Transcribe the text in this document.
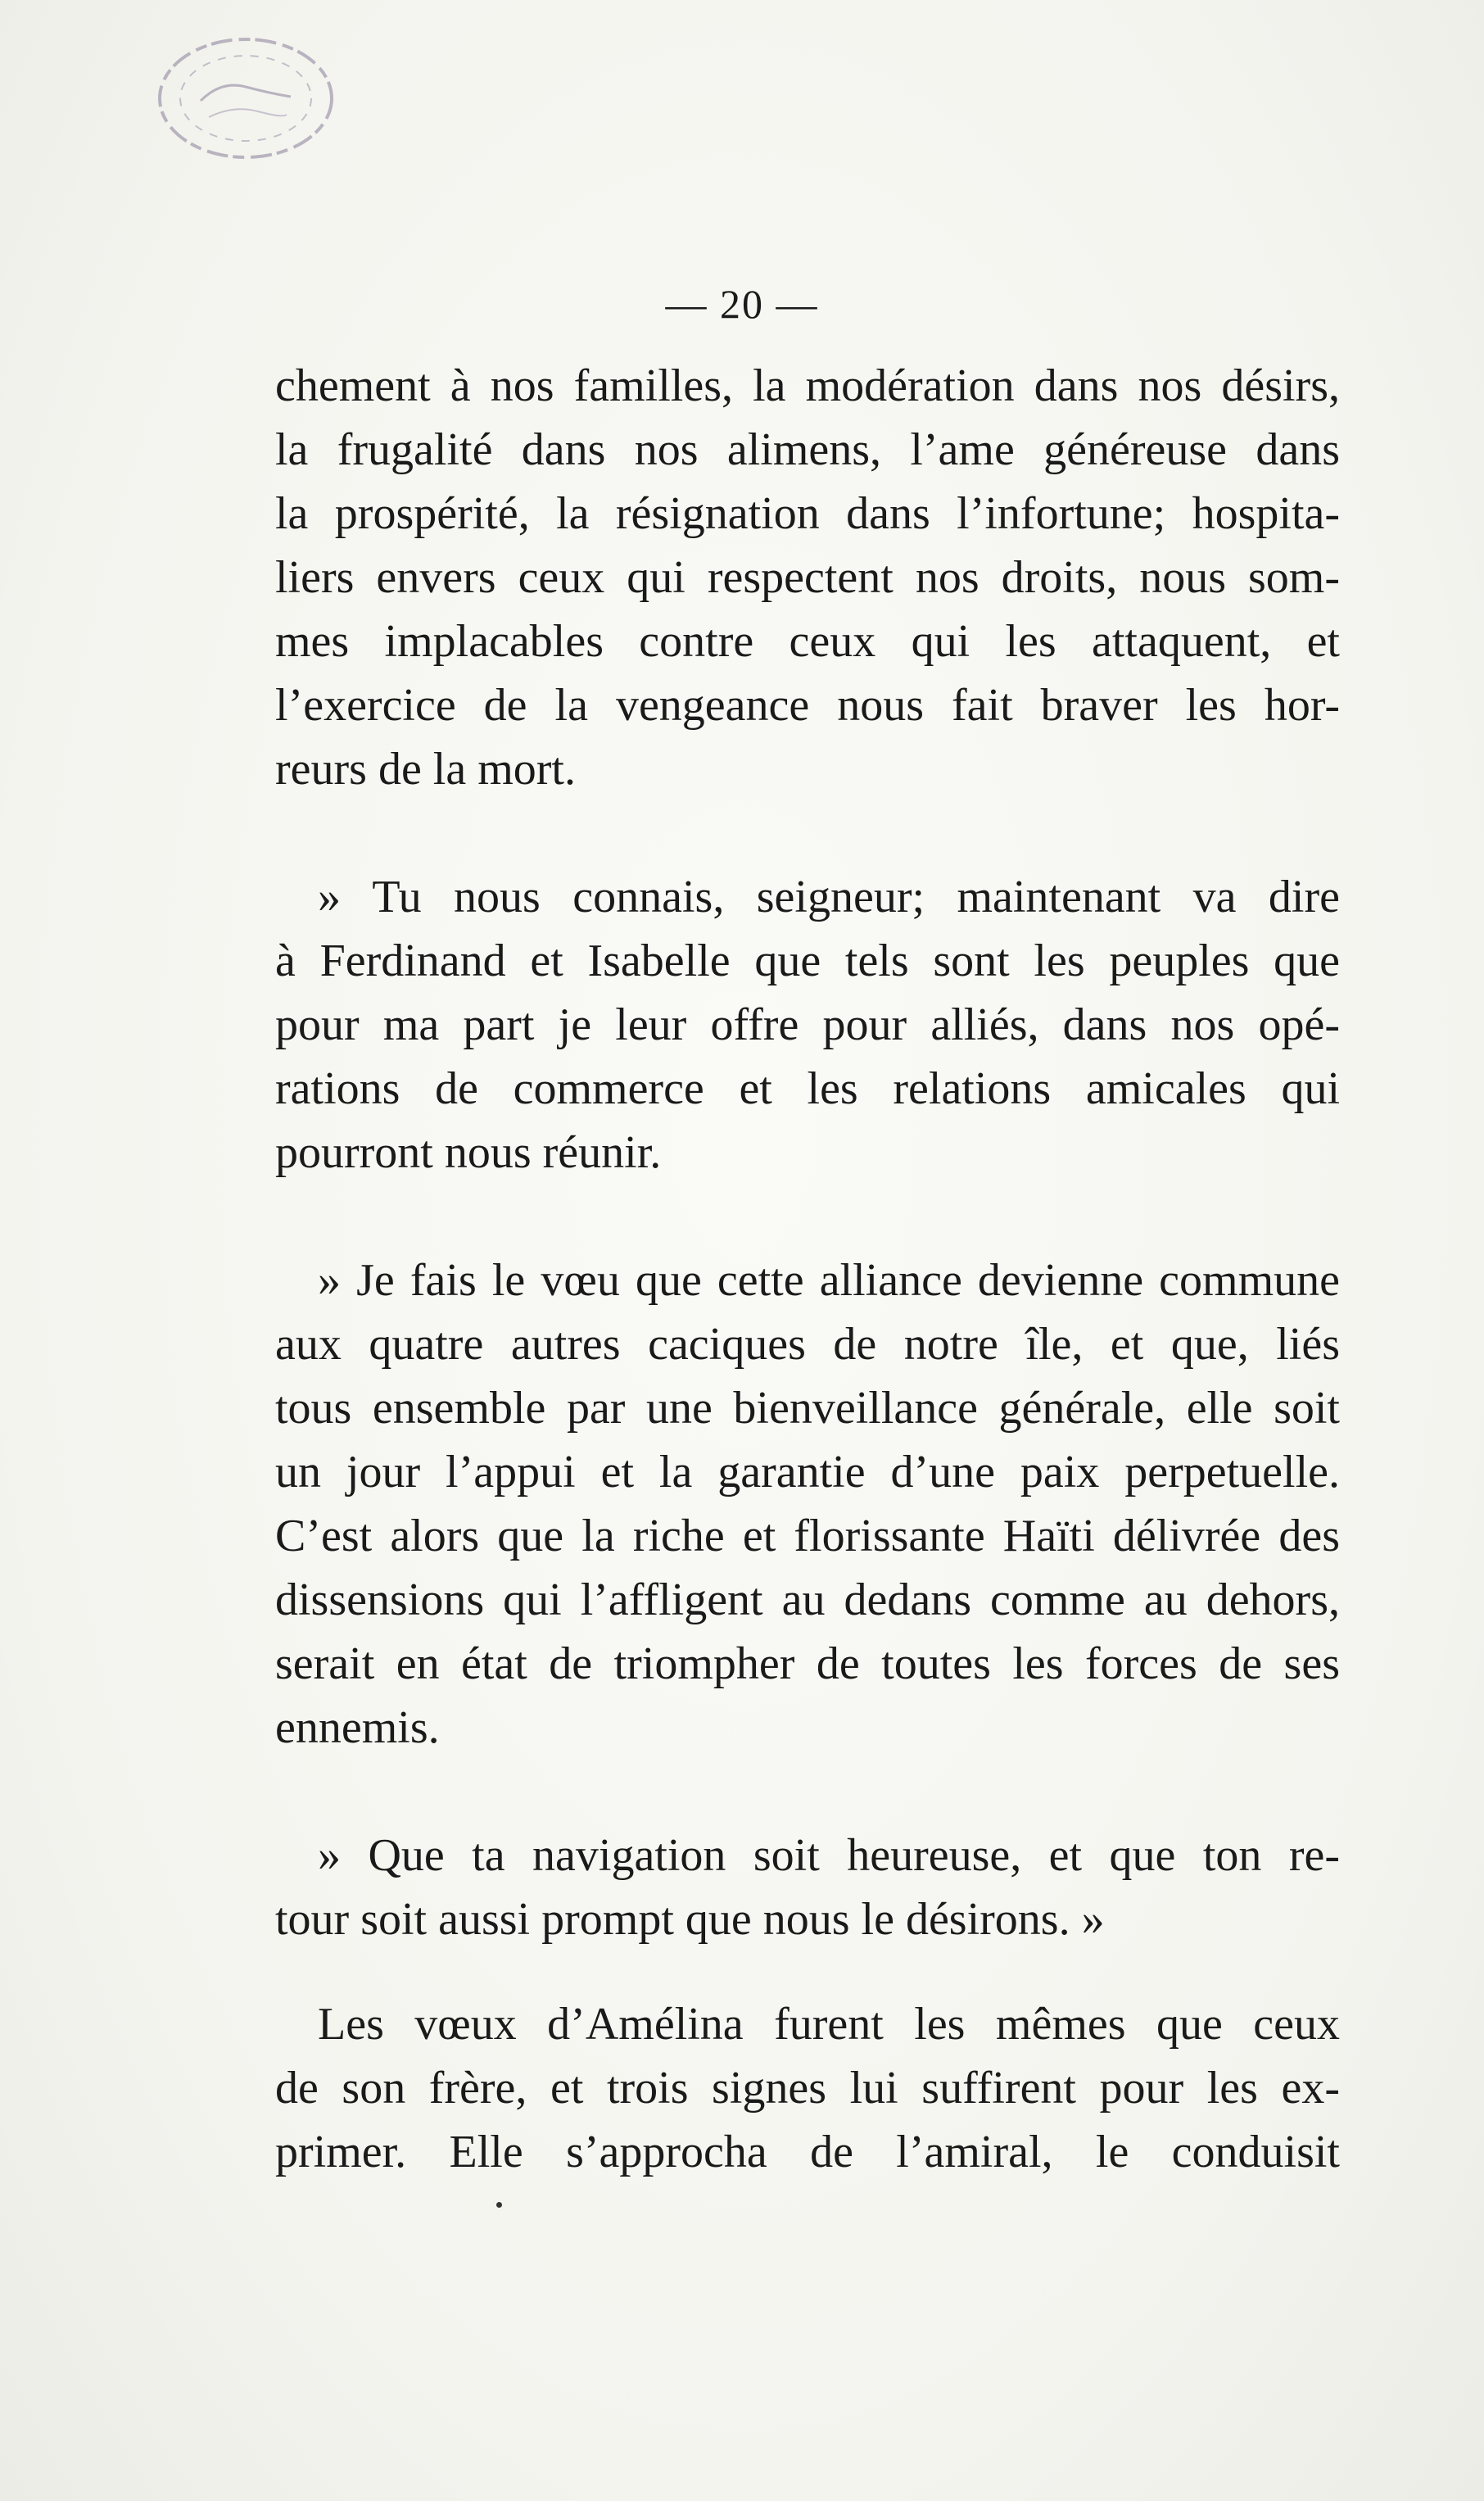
— 20 —
chement à nos familles, la modération dans nos désirs,
la frugalité dans nos alimens, l’ame généreuse dans
la prospérité, la résignation dans l’infortune; hospita-
liers envers ceux qui respectent nos droits, nous som-
mes implacables contre ceux qui les attaquent, et
l’exercice de la vengeance nous fait braver les hor-
reurs de la mort.
» Tu nous connais, seigneur; maintenant va dire
à Ferdinand et Isabelle que tels sont les peuples que
pour ma part je leur offre pour alliés, dans nos opé-
rations de commerce et les relations amicales qui
pourront nous réunir.
» Je fais le vœu que cette alliance devienne commune
aux quatre autres caciques de notre île, et que, liés
tous ensemble par une bienveillance générale, elle soit
un jour l’appui et la garantie d’une paix perpetuelle.
C’est alors que la riche et florissante Haïti délivrée des
dissensions qui l’affligent au dedans comme au dehors,
serait en état de triompher de toutes les forces de ses
ennemis.
» Que ta navigation soit heureuse, et que ton re-
tour soit aussi prompt que nous le désirons. »
Les vœux d’Amélina furent les mêmes que ceux
de son frère, et trois signes lui suffirent pour les ex-
primer. Elle s’approcha de l’amiral, le conduisit
